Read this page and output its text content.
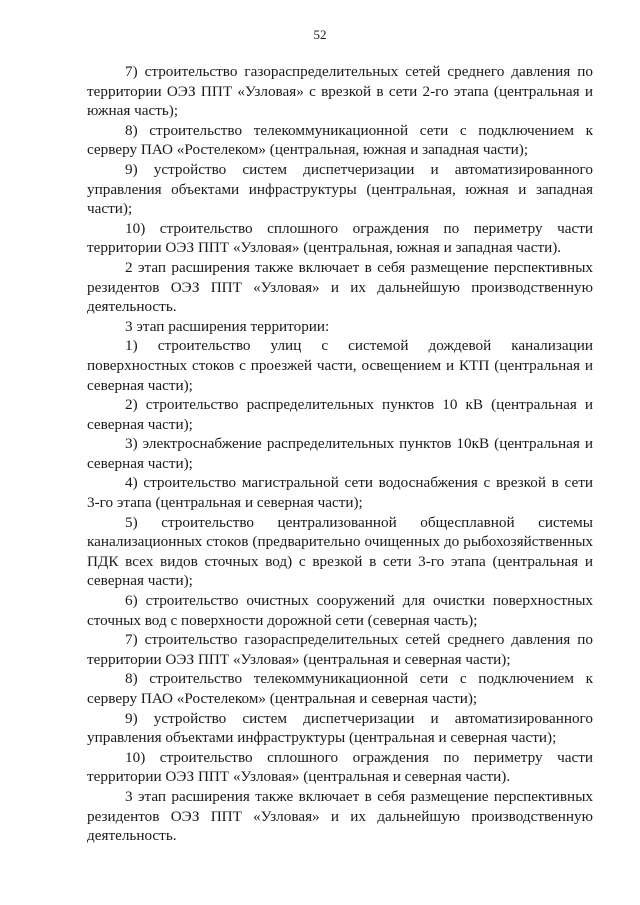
52

7) строительство газораспределительных сетей среднего давления по территории ОЭЗ ППТ «Узловая» с врезкой в сети 2-го этапа (центральная и южная часть);

8) строительство телекоммуникационной сети с подключением к серверу ПАО «Ростелеком» (центральная, южная и западная части);

9) устройство систем диспетчеризации и автоматизированного управления объектами инфраструктуры (центральная, южная и западная части);

10) строительство сплошного ограждения по периметру части территории ОЭЗ ППТ «Узловая» (центральная, южная и западная части).

2 этап расширения также включает в себя размещение перспективных резидентов ОЭЗ ППТ «Узловая» и их дальнейшую производственную деятельность.

3 этап расширения территории:

1) строительство улиц с системой дождевой канализации поверхностных стоков с проезжей части, освещением и КТП (центральная и северная части);

2) строительство распределительных пунктов 10 кВ (центральная и северная части);

3) электроснабжение распределительных пунктов 10кВ (центральная и северная части);

4) строительство магистральной сети водоснабжения с врезкой в сети 3-го этапа (центральная и северная части);

5) строительство централизованной общесплавной системы канализационных стоков (предварительно очищенных до рыбохозяйственных ПДК всех видов сточных вод) с врезкой в сети 3-го этапа (центральная и северная части);

6) строительство очистных сооружений для очистки поверхностных сточных вод с поверхности дорожной сети (северная часть);

7) строительство газораспределительных сетей среднего давления по территории ОЭЗ ППТ «Узловая» (центральная и северная части);

8) строительство телекоммуникационной сети с подключением к серверу ПАО «Ростелеком» (центральная и северная части);

9) устройство систем диспетчеризации и автоматизированного управления объектами инфраструктуры (центральная и северная части);

10) строительство сплошного ограждения по периметру части территории ОЭЗ ППТ «Узловая» (центральная и северная части).

3 этап расширения также включает в себя размещение перспективных резидентов ОЭЗ ППТ «Узловая» и их дальнейшую производственную деятельность.
